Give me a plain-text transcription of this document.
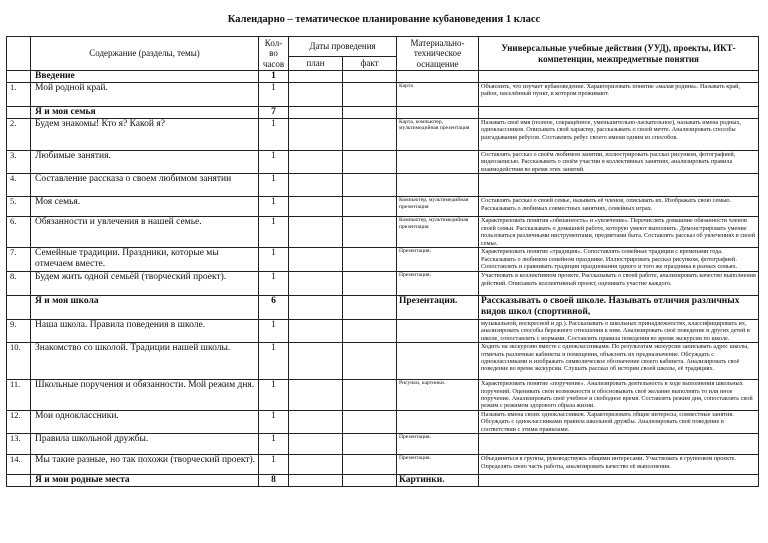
Календарно – тематическое планирование кубановедения 1 класс
	Содержание (разделы, темы)	Кол-во часов	Даты проведения		Материально-техническое оснащение	Универсальные учебные действия (УУД), проекты, ИКТ- компетенции, межпредметные понятия
			план	факт		
	Введение	1				
1.	Мой родной край.	1			Карта	Объяснить, что изучает кубановедение. Характеризовать понятие «малая родина». Называть край, район, населённый пункт, в котором проживают.
	Я и моя семья	7				
2.	Будем знакомы! Кто я? Какой я?	1			Карта, компьютер, мультимедийная презентация	Называть своё имя (полное, сокращённое, уменьшительно-ласкательное), называть имена родных, одноклассников. Описывать свой характер, рассказывать о своей мечте. Анализировать способы разгадывания ребусов. Составлять ребус своего имени одним из способов.
3.	Любимые занятия.	1				Составлять рассказ о своём любимом занятии, иллюстрировать рассказ рисунком, фотографией, видеозаписью. Рассказывать о своём участии в коллективных занятиях, анализировать правила взаимодействия во время этих занятий.
4.	Составление рассказа о своем любимом занятии	1				
5.	Моя семья.	1			Компьютер, мультимедийная презентация	Составлять рассказ о своей семье, называть её членов, описывать их. Изображать свою семью. Рассказывать о любимых совместных занятиях, семейных играх.
6.	Обязанности и увлечения в нашей семье.	1			Компьютер, мультимедийная презентация	Характеризовать понятия «обязанность» и «увлечение». Перечислять домашние обязанности членов своей семьи. Рассказывать о домашней работе, которую умеют выполнять. Демонстрировать умение пользоваться различными инструментами, предметами быта. Составлять рассказ об увлечениях в своей семье.
7.	Семейные традиции. Праздники, которые мы отмечаем вместе.	1			Презентация.	Характеризовать понятие «традиция». Сопоставлять семейные традиции с временами года. Рассказывать о любимом семейном празднике. Иллюстрировать рассказ рисунком, фотографией. Сопоставлять и сравнивать традиции празднования одного и того же праздника в разных семьях.
8.	Будем жить одной семьёй (творческий проект).	1			Презентация.	Участвовать в коллективном проекте. Рассказывать о своей работе, анализировать качество выполнения действий. Описывать коллективный проект, оценивать участие каждого.
	Я и моя школа	6			Презентация.	Рассказывать о своей школе. Называть отличия различных видов школ (спортивной,
9.	Наша школа. Правила поведения в школе.	1				музыкальной, воскресной и др.). Рассказывать о школьных принадлежностях, классифицировать их, анализировать способы бережного отношения к ним. Анализировать своё поведение и других детей в школе, сопоставлять с нормами. Составлять правила поведения во время экскурсии по школе.
10.	Знакомство со школой. Традиции нашей школы.	1				Ходить на экскурсию вместе с одноклассниками. По результатам экскурсии записывать адрес школы, отмечать различные кабинеты и помещения, объяснять их предназначение. Обсуждать с одноклассниками и изображать символическое обозначение своего кабинета. Анализировать своё поведение во время экскурсии. Слушать рассказ об истории своей школы, её традициях.
11.	Школьные поручения и обязанности. Мой режим дня.	1			Рисунки, картинки.	Характеризовать понятие «поручение». Анализировать деятельность в ходе выполнения школьных поручений. Оценивать свои возможности и обосновывать своё желание выполнять то или иное поручение. Анализировать своё учебное и свободное время. Составлять режим дня, сопоставлять свой режим с режимом здорового образа жизни.
12.	Мои одноклассники.	1				Называть имена своих одноклассников. Характеризовать общие интересы, совместные занятия. Обсуждать с одноклассниками правила школьной дружбы. Анализировать своё поведение в соответствии с этими правилами.
13.	Правила школьной дружбы.	1			Презентация.	
14.	Мы такие разные, но так похожи (творческий проект).	1			Презентация.	Объединяться в группы, руководствуясь общими интересами. Участвовать в групповом проекте. Определять свою часть работы, анализировать качество её выполнения.
	Я и мои родные места	8			Картинки.	
